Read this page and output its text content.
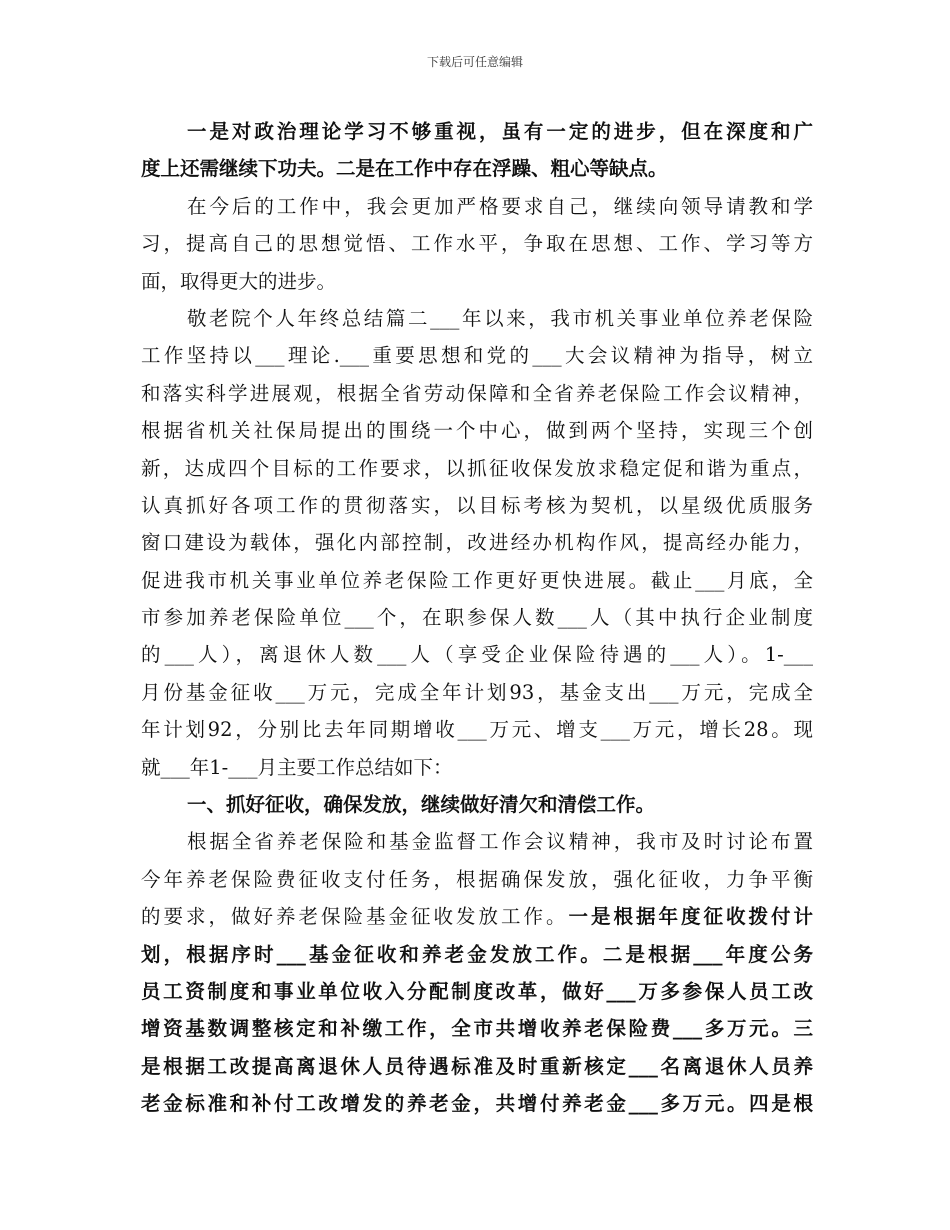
下载后可任意编辑
一是对政治理论学习不够重视，虽有一定的进步，但在深度和广
度上还需继续下功夫。二是在工作中存在浮躁、粗心等缺点。
在今后的工作中，我会更加严格要求自己，继续向领导请教和学
习，提高自己的思想觉悟、工作水平，争取在思想、工作、学习等方
面，取得更大的进步。
敬老院个人年终总结篇二___年以来，我市机关事业单位养老保险
工作坚持以___理论.___重要思想和党的___大会议精神为指导，树立
和落实科学进展观，根据全省劳动保障和全省养老保险工作会议精神，
根据省机关社保局提出的围绕一个中心，做到两个坚持，实现三个创
新，达成四个目标的工作要求，以抓征收保发放求稳定促和谐为重点，
认真抓好各项工作的贯彻落实，以目标考核为契机，以星级优质服务
窗口建设为载体，强化内部控制，改进经办机构作风，提高经办能力，
促进我市机关事业单位养老保险工作更好更快进展。截止___月底，全
市参加养老保险单位___个，在职参保人数___人（其中执行企业制度
的___人），离退休人数___人（享受企业保险待遇的___人）。1-___
月份基金征收___万元，完成全年计划93，基金支出___万元，完成全
年计划92，分别比去年同期增收___万元、增支___万元，增长28。现
就___年1-___月主要工作总结如下：
一、抓好征收，确保发放，继续做好清欠和清偿工作。
根据全省养老保险和基金监督工作会议精神，我市及时讨论布置
今年养老保险费征收支付任务，根据确保发放，强化征收，力争平衡
的要求，做好养老保险基金征收发放工作。一是根据年度征收拨付计
划，根据序时___基金征收和养老金发放工作。二是根据___年度公务
员工资制度和事业单位收入分配制度改革，做好___万多参保人员工改
增资基数调整核定和补缴工作，全市共增收养老保险费___多万元。三
是根据工改提高离退休人员待遇标准及时重新核定___名离退休人员养
老金标准和补付工改增发的养老金，共增付养老金___多万元。四是根
